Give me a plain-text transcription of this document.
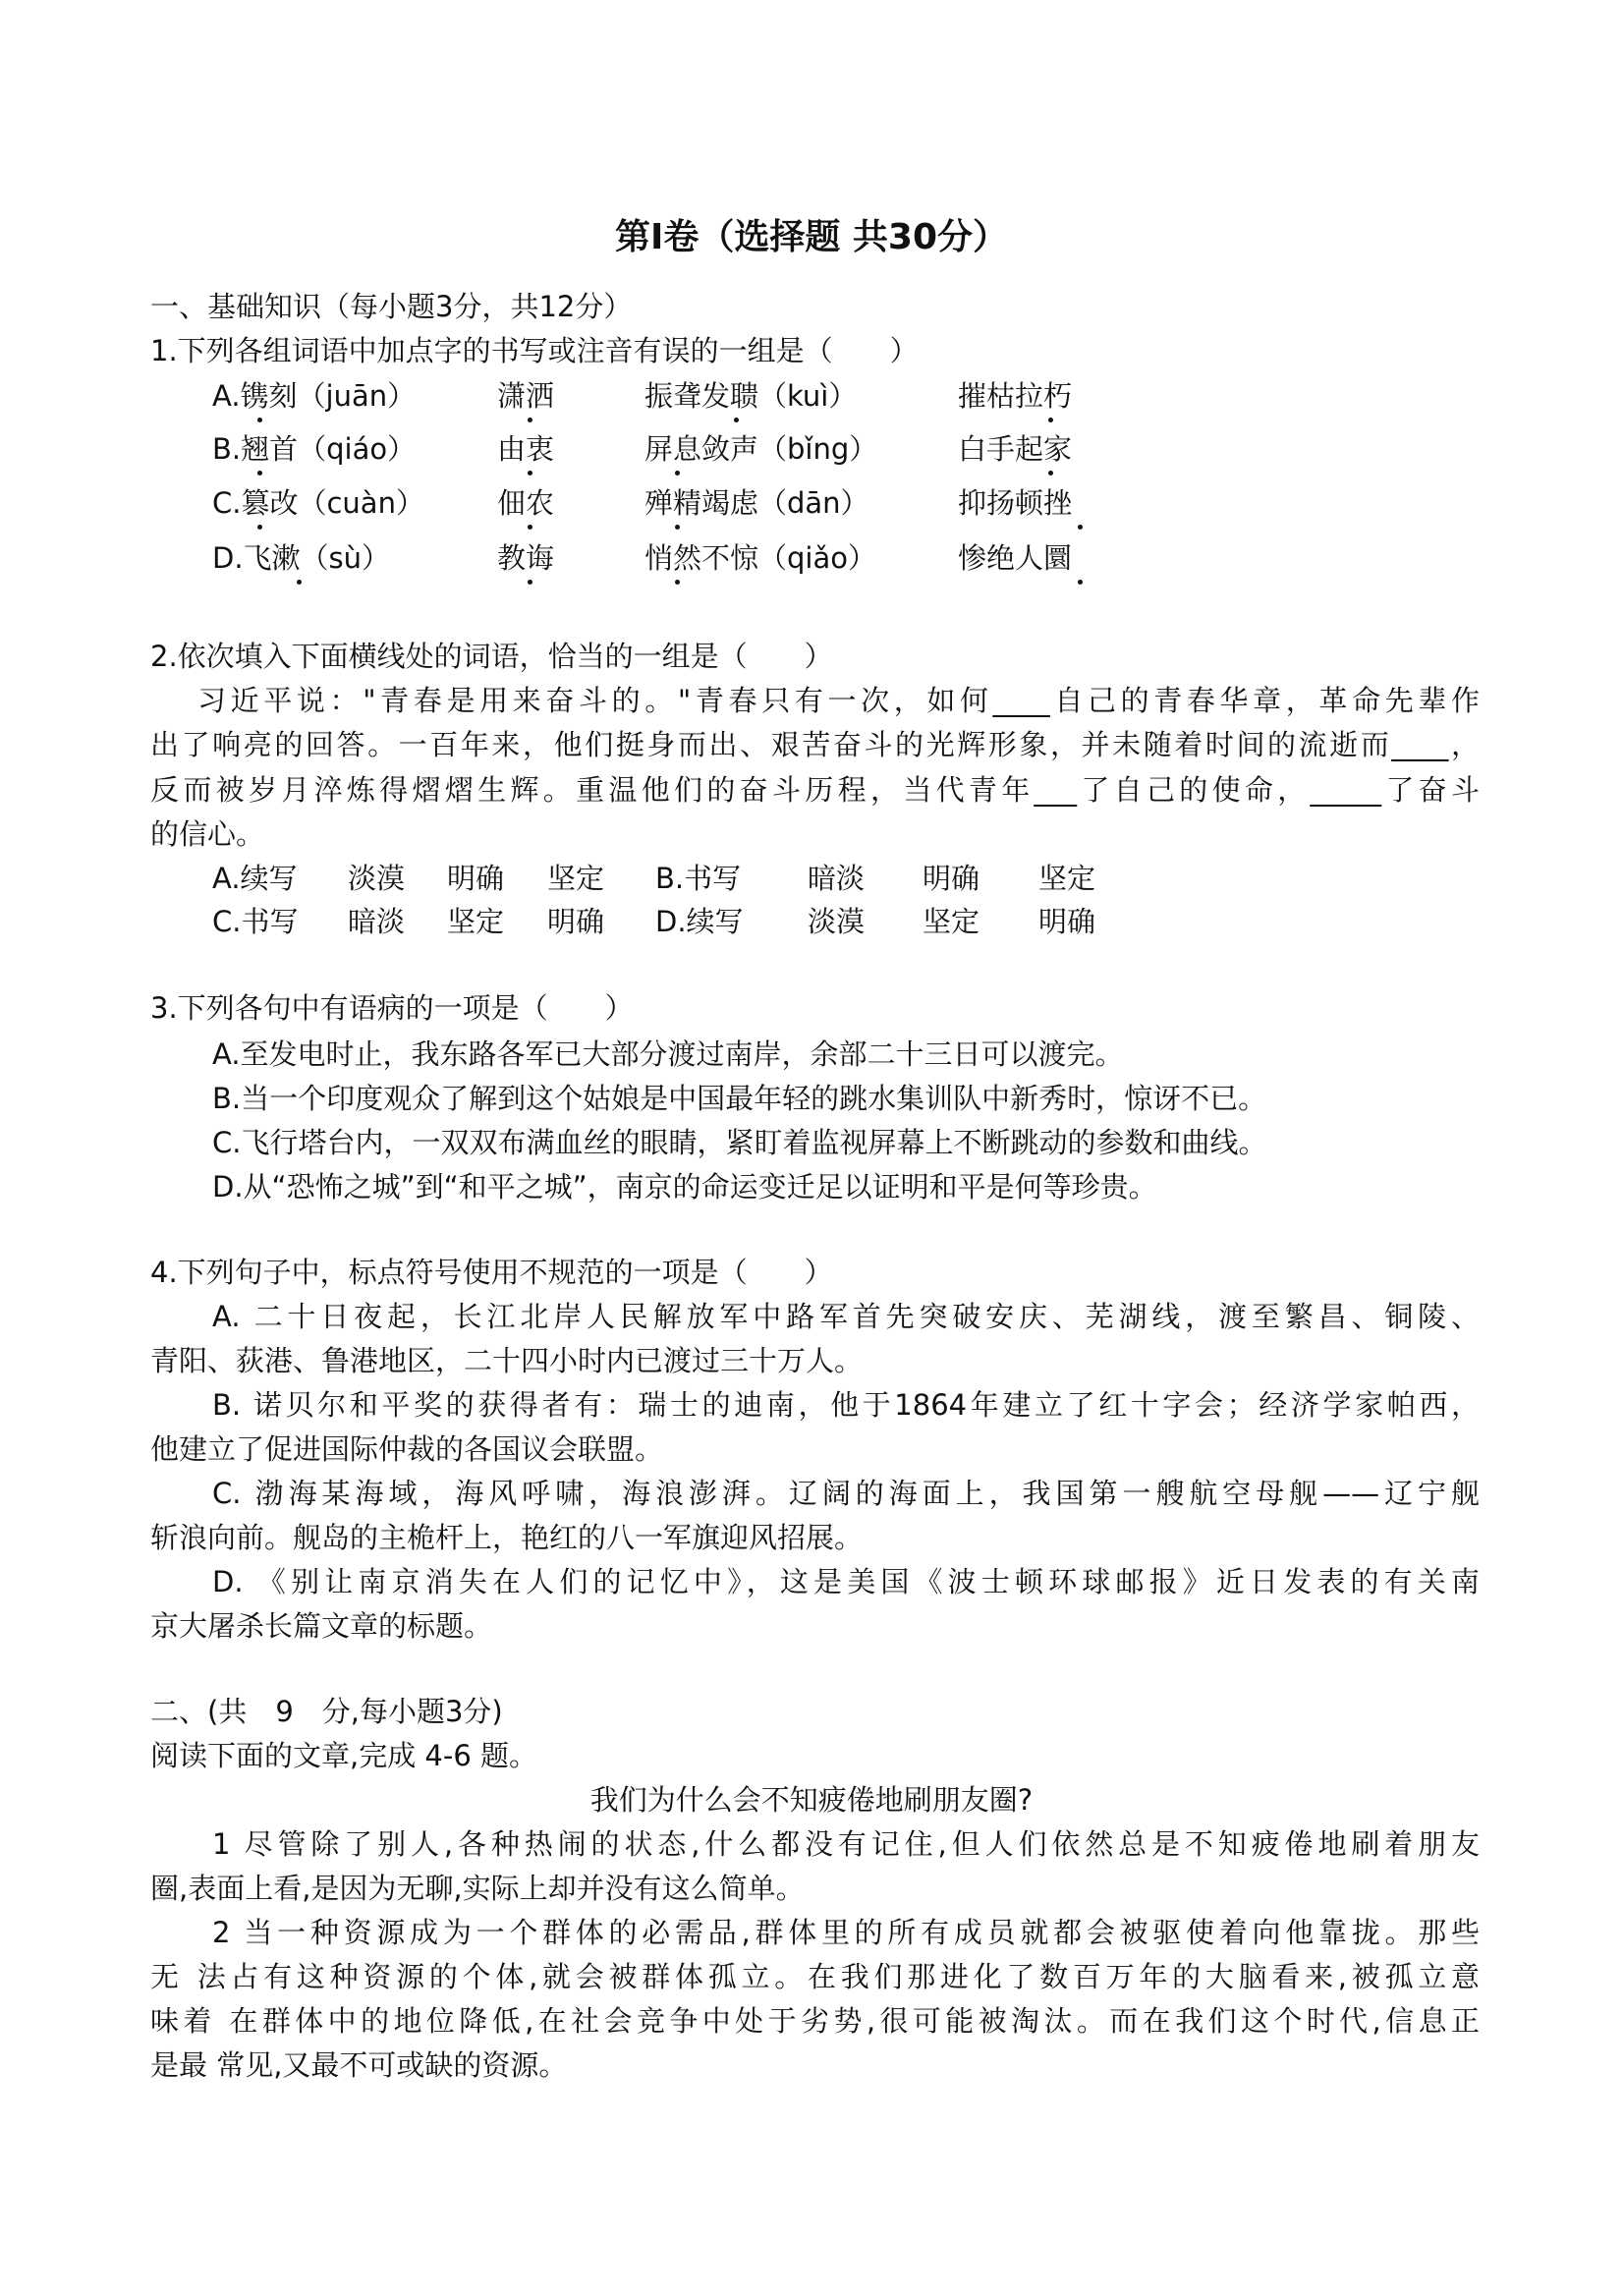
第Ⅰ卷（选择题 共30分）
一、基础知识（每小题3分，共12分）
1.下列各组词语中加点字的书写或注音有误的一组是（　　）
A.镌刻（juān）	潇洒	振聋发聩（kuì）	摧枯拉朽
B.翘首（qiáo）	由衷	屏息敛声（bǐng）	白手起家
C.篡改（cuàn）	佃农	殚精竭虑（dān）	抑扬顿挫
D.飞漱（sù）	教诲	悄然不惊（qiǎo）	惨绝人圜
2.依次填入下面横线处的词语，恰当的一组是（　　）
习近平说："青春是用来奋斗的。"青春只有一次，如何____自己的青春华章，革命先辈作
出了响亮的回答。一百年来，他们挺身而出、艰苦奋斗的光辉形象，并未随着时间的流逝而____，
反而被岁月淬炼得熠熠生辉。重温他们的奋斗历程，当代青年___了自己的使命，_____了奋斗
的信心。
A.续写 淡漠 明确 坚定 B.书写 暗淡 明确 坚定
C.书写 暗淡 坚定 明确 D.续写 淡漠 坚定 明确
3.下列各句中有语病的一项是（　　）
A.至发电时止，我东路各军已大部分渡过南岸，余部二十三日可以渡完。
B.当一个印度观众了解到这个姑娘是中国最年轻的跳水集训队中新秀时，惊讶不已。
C.飞行塔台内，一双双布满血丝的眼睛，紧盯着监视屏幕上不断跳动的参数和曲线。
D.从“恐怖之城”到“和平之城”，南京的命运变迁足以证明和平是何等珍贵。
4.下列句子中，标点符号使用不规范的一项是（　　）
A. 二十日夜起，长江北岸人民解放军中路军首先突破安庆、芜湖线，渡至繁昌、铜陵、
青阳、荻港、鲁港地区，二十四小时内已渡过三十万人。
B. 诺贝尔和平奖的获得者有：瑞士的迪南，他于1864年建立了红十字会；经济学家帕西，
他建立了促进国际仲裁的各国议会联盟。
C. 渤海某海域，海风呼啸，海浪澎湃。辽阔的海面上，我国第一艘航空母舰——辽宁舰
斩浪向前。舰岛的主桅杆上，艳红的八一军旗迎风招展。
D. 《别让南京消失在人们的记忆中》，这是美国《波士顿环球邮报》近日发表的有关南
京大屠杀长篇文章的标题。
二、(共　9　分,每小题3分)
阅读下面的文章,完成 4-6 题。
我们为什么会不知疲倦地刷朋友圈?
1 尽管除了别人,各种热闹的状态,什么都没有记住,但人们依然总是不知疲倦地刷着朋友
圈,表面上看,是因为无聊,实际上却并没有这么简单。
2 当一种资源成为一个群体的必需品,群体里的所有成员就都会被驱使着向他靠拢。那些
无 法占有这种资源的个体,就会被群体孤立。在我们那进化了数百万年的大脑看来,被孤立意
味着 在群体中的地位降低,在社会竞争中处于劣势,很可能被淘汰。而在我们这个时代,信息正
是最 常见,又最不可或缺的资源。
